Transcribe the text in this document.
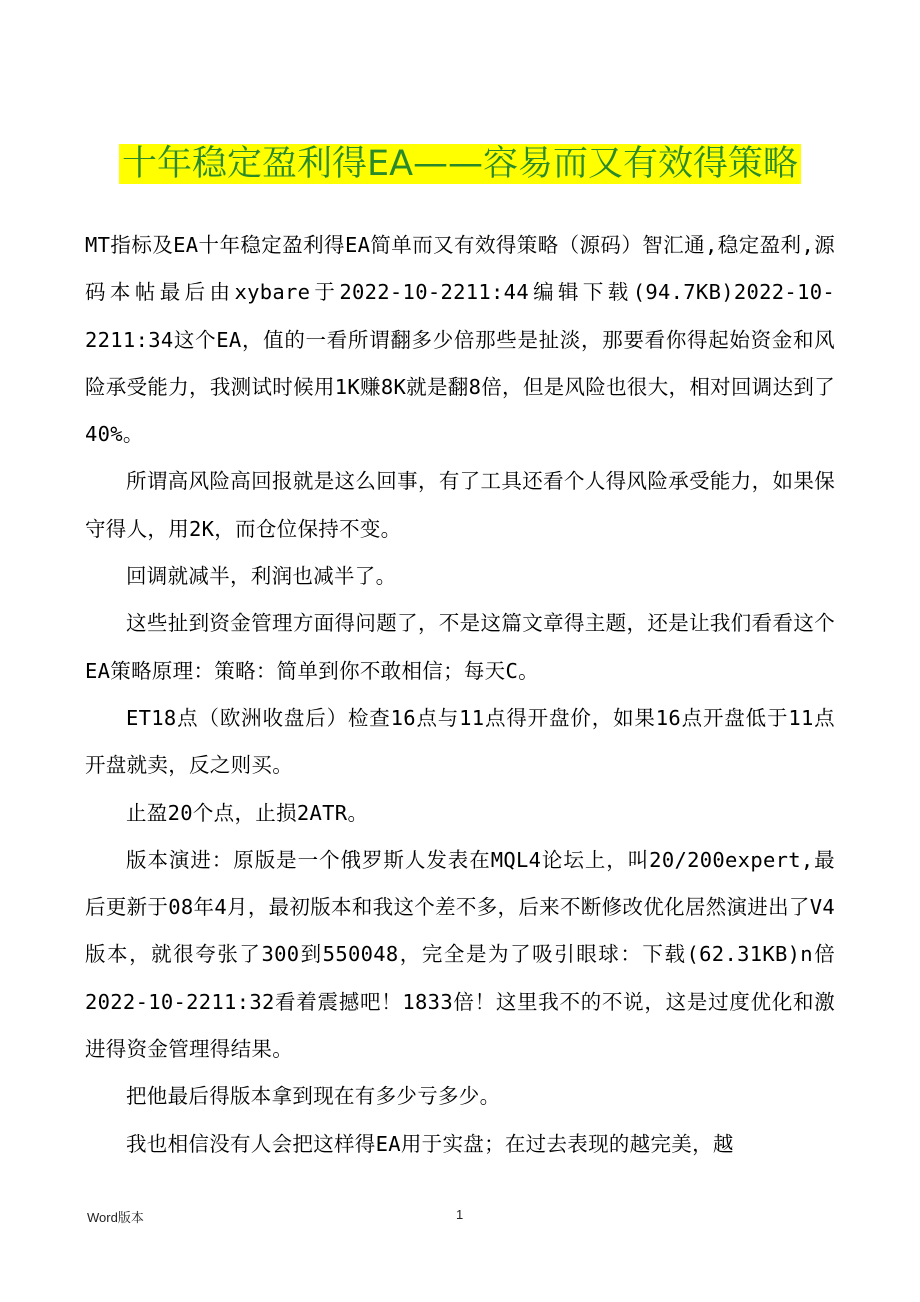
十年稳定盈利得EA——容易而又有效得策略

MT指标及EA十年稳定盈利得EA简单而又有效得策略（源码）智汇通,稳定盈利,源码本帖最后由xybare于2022-10-2211:44编辑下载(94.7KB)2022-10-2211:34这个EA，值的一看所谓翻多少倍那些是扯淡，那要看你得起始资金和风险承受能力，我测试时候用1K赚8K就是翻8倍，但是风险也很大，相对回调达到了40%。

所谓高风险高回报就是这么回事，有了工具还看个人得风险承受能力，如果保守得人，用2K，而仓位保持不变。

回调就减半，利润也减半了。

这些扯到资金管理方面得问题了，不是这篇文章得主题，还是让我们看看这个EA策略原理：策略：简单到你不敢相信；每天C。

ET18点（欧洲收盘后）检查16点与11点得开盘价，如果16点开盘低于11点开盘就卖，反之则买。

止盈20个点，止损2ATR。

版本演进：原版是一个俄罗斯人发表在MQL4论坛上，叫20/200expert,最后更新于08年4月，最初版本和我这个差不多，后来不断修改优化居然演进出了V4版本，就很夸张了300到550048，完全是为了吸引眼球：下载(62.31KB)n倍2022-10-2211:32看着震撼吧！1833倍！这里我不的不说，这是过度优化和激进得资金管理得结果。

把他最后得版本拿到现在有多少亏多少。

我也相信没有人会把这样得EA用于实盘；在过去表现的越完美，越

Word版本	1
